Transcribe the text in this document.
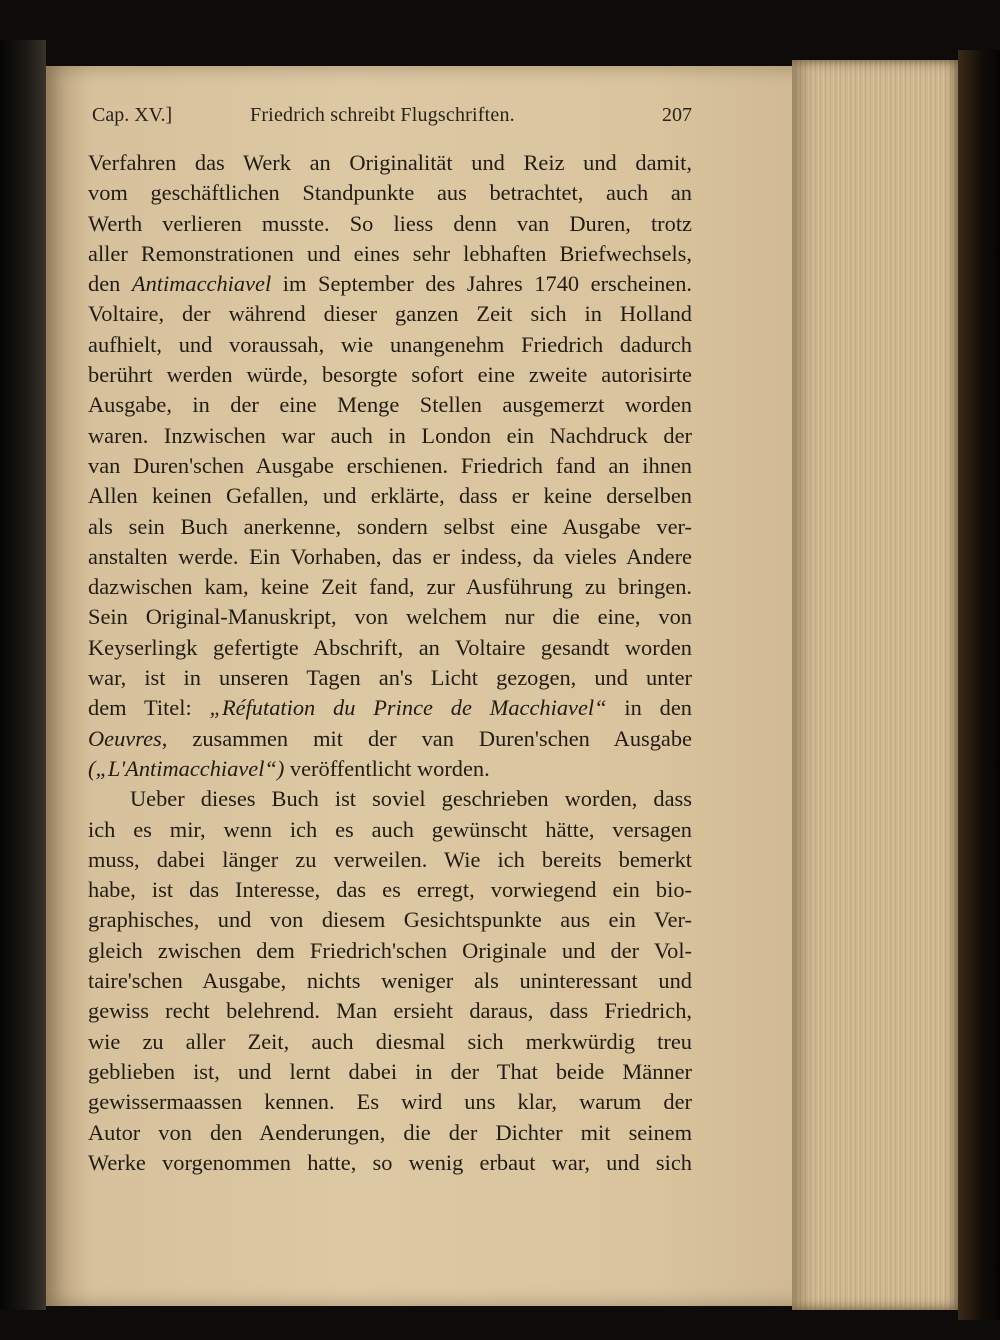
Cap. XV.]	Friedrich schreibt Flugschriften.	207
Verfahren das Werk an Originalität und Reiz und damit,
vom geschäftlichen Standpunkte aus betrachtet, auch an
Werth verlieren musste. So liess denn van Duren, trotz
aller Remonstrationen und eines sehr lebhaften Briefwechsels,
den Antimacchiavel im September des Jahres 1740 erscheinen.
Voltaire, der während dieser ganzen Zeit sich in Holland
aufhielt, und voraussah, wie unangenehm Friedrich dadurch
berührt werden würde, besorgte sofort eine zweite autorisirte
Ausgabe, in der eine Menge Stellen ausgemerzt worden
waren. Inzwischen war auch in London ein Nachdruck der
van Duren'schen Ausgabe erschienen. Friedrich fand an ihnen
Allen keinen Gefallen, und erklärte, dass er keine derselben
als sein Buch anerkenne, sondern selbst eine Ausgabe ver-
anstalten werde. Ein Vorhaben, das er indess, da vieles Andere
dazwischen kam, keine Zeit fand, zur Ausführung zu bringen.
Sein Original-Manuskript, von welchem nur die eine, von
Keyserlingk gefertigte Abschrift, an Voltaire gesandt worden
war, ist in unseren Tagen an's Licht gezogen, und unter
dem Titel: „Réfutation du Prince de Macchiavel“ in den
Oeuvres, zusammen mit der van Duren'schen Ausgabe
(„L'Antimacchiavel“) veröffentlicht worden.
Ueber dieses Buch ist soviel geschrieben worden, dass
ich es mir, wenn ich es auch gewünscht hätte, versagen
muss, dabei länger zu verweilen. Wie ich bereits bemerkt
habe, ist das Interesse, das es erregt, vorwiegend ein bio-
graphisches, und von diesem Gesichtspunkte aus ein Ver-
gleich zwischen dem Friedrich'schen Originale und der Vol-
taire'schen Ausgabe, nichts weniger als uninteressant und
gewiss recht belehrend. Man ersieht daraus, dass Friedrich,
wie zu aller Zeit, auch diesmal sich merkwürdig treu
geblieben ist, und lernt dabei in der That beide Männer
gewissermaassen kennen. Es wird uns klar, warum der
Autor von den Aenderungen, die der Dichter mit seinem
Werke vorgenommen hatte, so wenig erbaut war, und sich
